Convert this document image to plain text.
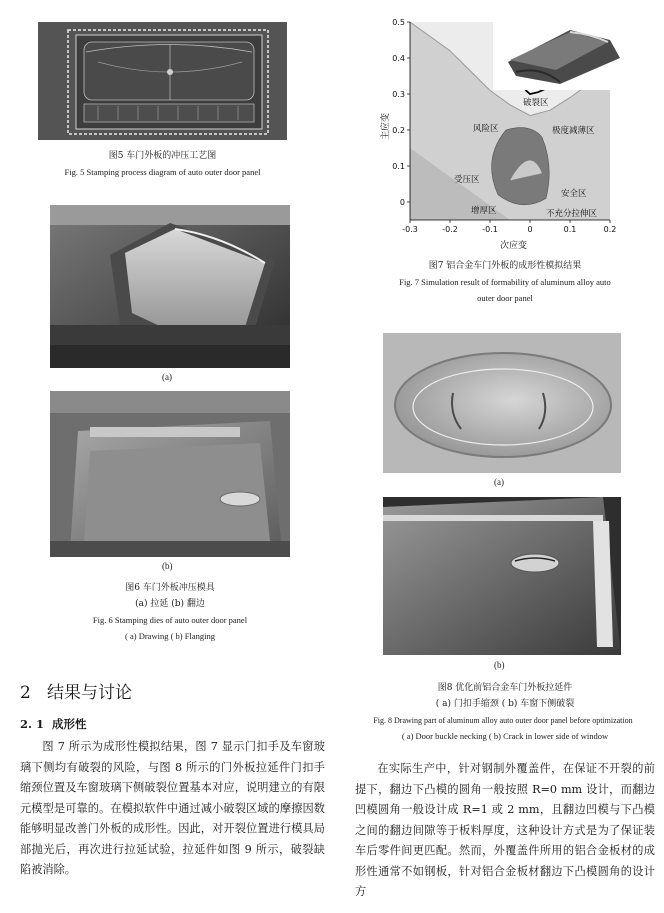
图5 车门外板的冲压工艺图
Fig. 5 Stamping process diagram of auto outer door panel
(a)
(b)
图6 车门外板冲压模具
(a) 拉延 (b) 翻边
Fig. 6 Stamping dies of auto outer door panel
( a) Drawing ( b) Flanging
2 结果与讨论
2. 1 成形性

图 7 所示为成形性模拟结果，图 7 显示门扣手及车窗玻璃下侧均有破裂的风险，与图 8 所示的门外板拉延件门扣手缩颈位置及车窗玻璃下侧破裂位置基本对应，说明建立的有限元模型是可靠的。在模拟软件中通过减小破裂区域的摩擦因数能够明显改善门外板的成形性。因此，对开裂位置进行模具局部抛光后，再次进行拉延试验，拉延件如图 9 所示，破裂缺陷被消除。

-0.3	-0.2	-0.1	0	0.1	0.2
0
0.1
0.2
0.3
0.4
0.5
破裂区
风险区	极度减薄区
受压区
安全区
增厚区	不充分拉伸区
主应变
次应变
图7 铝合金车门外板的成形性模拟结果
Fig. 7 Simulation result of formability of aluminum alloy auto
outer door panel
(a)
(b)
图8 优化前铝合金车门外板拉延件
( a) 门扣手缩颈 ( b) 车窗下侧破裂
Fig. 8 Drawing part of aluminum alloy auto outer door panel before optimization
( a) Door buckle necking ( b) Crack in lower side of window

在实际生产中，针对钢制外覆盖件，在保证不开裂的前提下，翻边下凸模的圆角一般按照 R=0 mm 设计，而翻边凹模圆角一般设计成 R=1 或 2 mm，且翻边凹模与下凸模之间的翻边间隙等于板料厚度，这种设计方式是为了保证装车后零件间更匹配。然而，外覆盖件所用的铝合金板材的成形性通常不如钢板，针对铝合金板材翻边下凸模圆角的设计方
